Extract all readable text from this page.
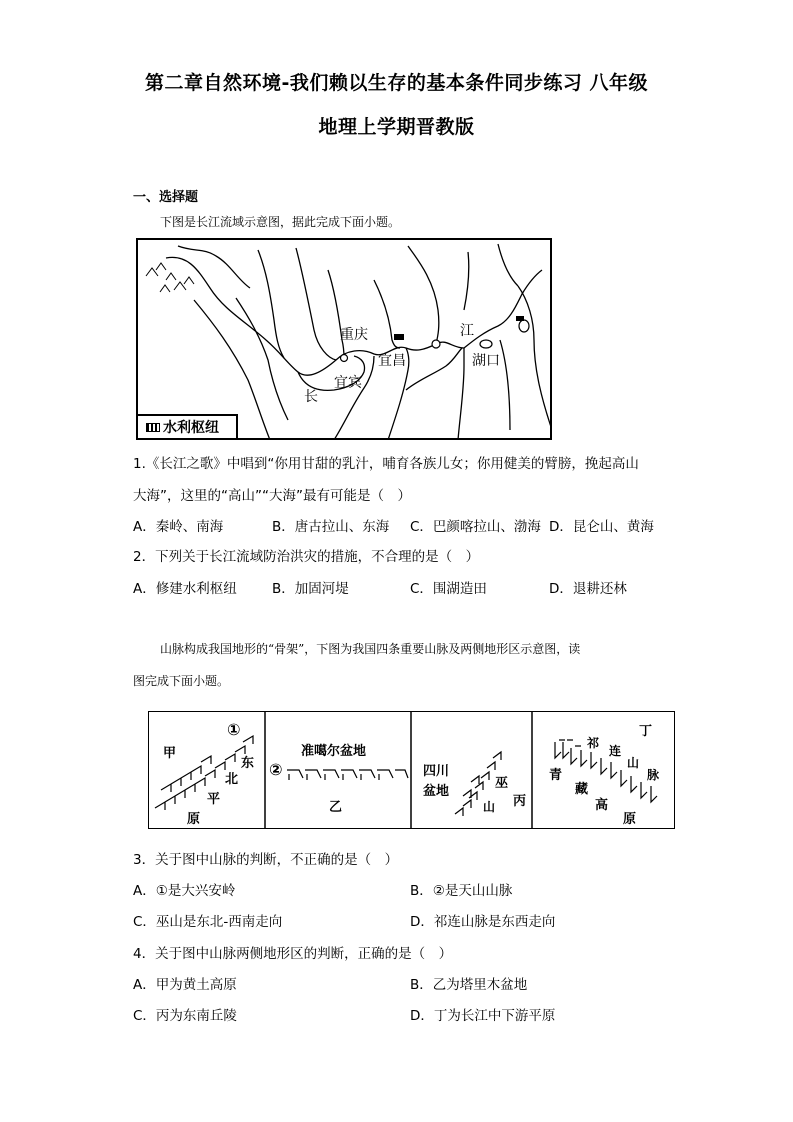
第二章自然环境-我们赖以生存的基本条件同步练习 八年级
地理上学期晋教版
一、选择题
下图是长江流域示意图，据此完成下面小题。
重庆
宜宾
宜昌	湖口
江
长
水利枢纽
1.《长江之歌》中唱到“你用甘甜的乳汁，哺育各族儿女；你用健美的臂膀，挽起高山
大海”，这里的“高山”“大海”最有可能是（　）
A．秦岭、南海	B．唐古拉山、东海 C．巴颜喀拉山、渤海 D．昆仑山、黄海
2．下列关于长江流域防治洪灾的措施，不合理的是（　）
A．修建水利枢纽	B．加固河堤	C．围湖造田	D．退耕还林
山脉构成我国地形的“骨架”，下图为我国四条重要山脉及两侧地形区示意图，读
图完成下面小题。
甲
①
东
北
平
原
准噶尔盆地
②
乙
四川
盆地
巫
山 丙
丁
祁
连
山
脉
青
藏
高
原
3．关于图中山脉的判断，不正确的是（　）
A．①是大兴安岭	B．②是天山山脉
C．巫山是东北-西南走向	D．祁连山脉是东西走向
4．关于图中山脉两侧地形区的判断，正确的是（　）
A．甲为黄土高原	B．乙为塔里木盆地
C．丙为东南丘陵	D．丁为长江中下游平原
